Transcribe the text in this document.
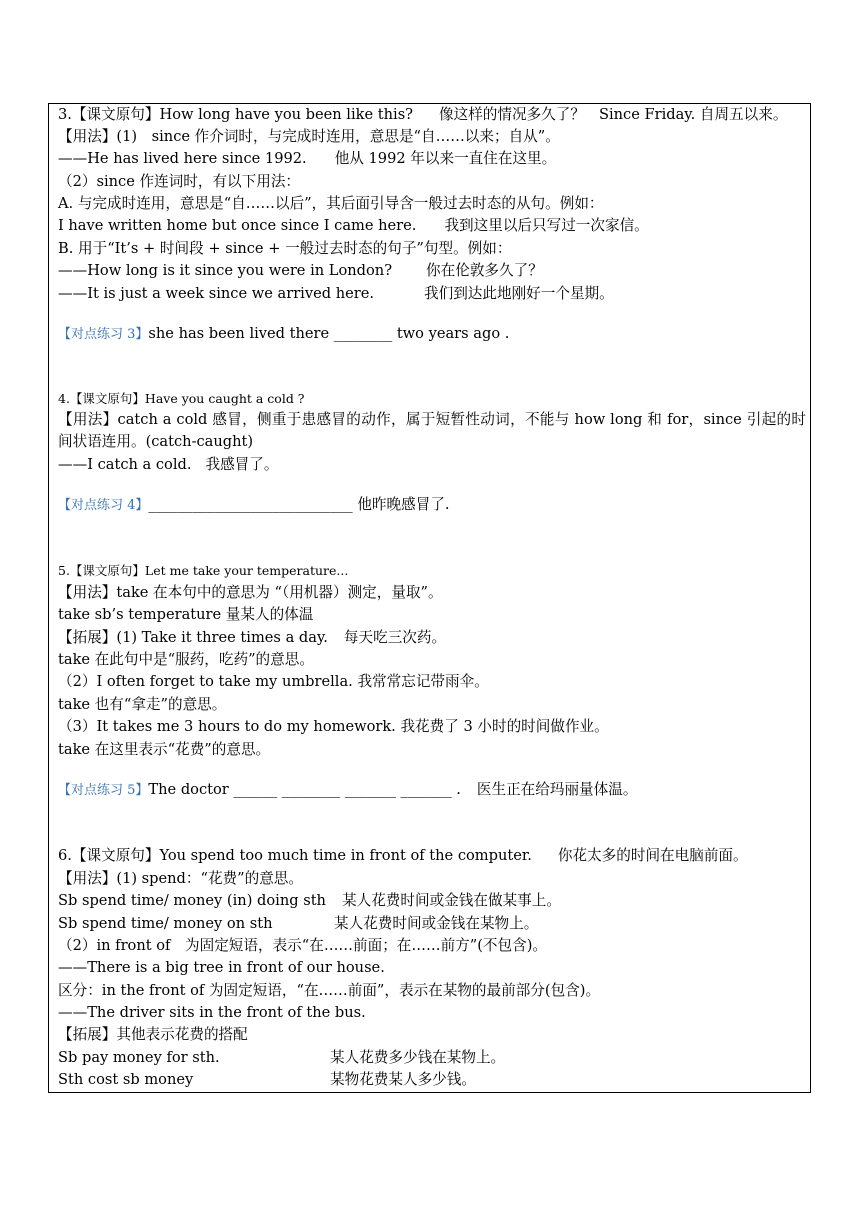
3.【课文原句】How long have you been like this? 像这样的情况多久了？ Since Friday. 自周五以来。
【用法】(1)　since 作介词时，与完成时连用，意思是“自……以来；自从”。
——He has lived here since 1992. 他从 1992 年以来一直住在这里。
（2）since 作连词时，有以下用法：
A. 与完成时连用，意思是“自……以后”，其后面引导含一般过去时态的从句。例如：
I have written home but once since I came here. 我到这里以后只写过一次家信。
B. 用于“It’s + 时间段 + since + 一般过去时态的句子”句型。例如：
——How long is it since you were in London? 你在伦敦多久了？
——It is just a week since we arrived here.	我们到达此地刚好一个星期。
【对点练习 3】she has been lived there ________ two years ago .
4.【课文原句】Have you caught a cold ?
【用法】catch a cold 感冒，侧重于患感冒的动作，属于短暂性动词，不能与 how long 和 for，since 引起的时间状语连用。(catch-caught)
——I catch a cold. 我感冒了。
【对点练习 4】____________________________ 他昨晚感冒了.
5.【课文原句】Let me take your temperature...
【用法】take 在本句中的意思为 “（用机器）测定，量取”。
take sb’s temperature 量某人的体温
【拓展】(1) Take it three times a day. 每天吃三次药。
take 在此句中是“服药，吃药”的意思。
（2）I often forget to take my umbrella. 我常常忘记带雨伞。
take 也有“拿走”的意思。
（3）It takes me 3 hours to do my homework. 我花费了 3 小时的时间做作业。
take 在这里表示“花费”的意思。
【对点练习 5】The doctor ______ ________ _______ _______ . 医生正在给玛丽量体温。
6.【课文原句】You spend too much time in front of the computer. 你花太多的时间在电脑前面。
【用法】(1) spend：“花费”的意思。
Sb spend time/ money (in) doing sth 某人花费时间或金钱在做某事上。
Sb spend time/ money on sth	某人花费时间或金钱在某物上。
（2）in front of　为固定短语，表示“在……前面；在……前方”(不包含)。
——There is a big tree in front of our house.
区分：in the front of 为固定短语，“在……前面”，表示在某物的最前部分(包含)。
——The driver sits in the front of the bus.
【拓展】其他表示花费的搭配
Sb pay money for sth.	某人花费多少钱在某物上。
Sth cost sb money	某物花费某人多少钱。
